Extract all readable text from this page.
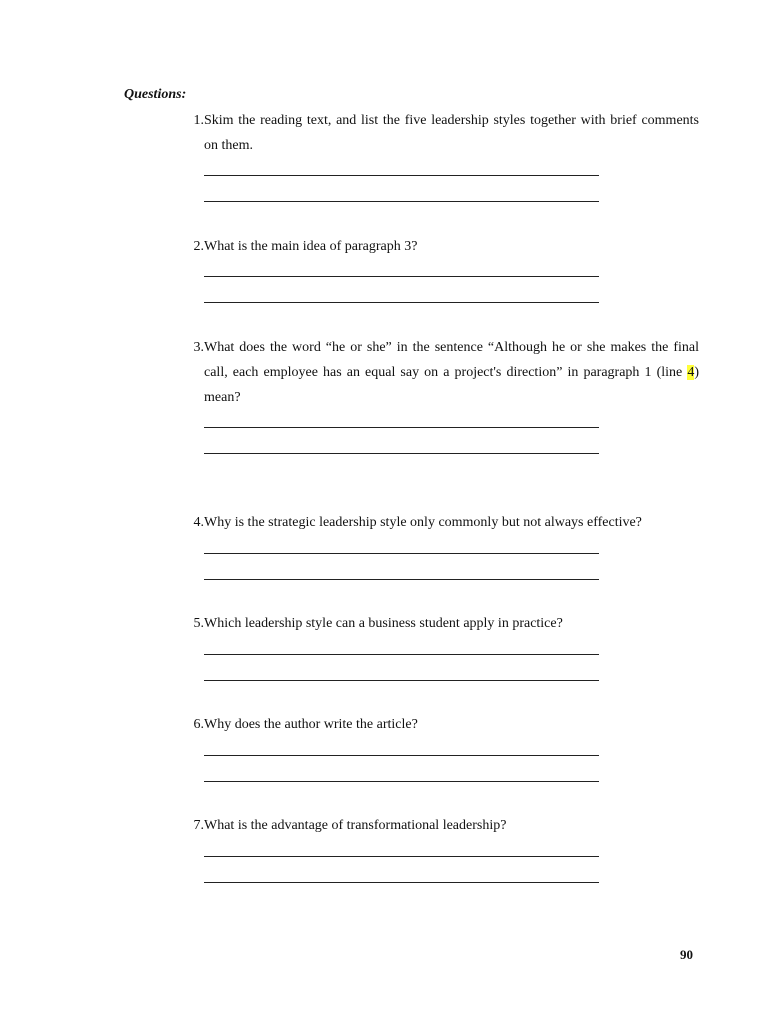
Questions:
1. Skim the reading text, and list the five leadership styles together with brief comments on them.
2. What is the main idea of paragraph 3?
3. What does the word “he or she” in the sentence “Although he or she makes the final call, each employee has an equal say on a project's direction” in paragraph 1 (line 4) mean?
4. Why is the strategic leadership style only commonly but not always effective?
5. Which leadership style can a business student apply in practice?
6. Why does the author write the article?
7. What is the advantage of transformational leadership?
90
